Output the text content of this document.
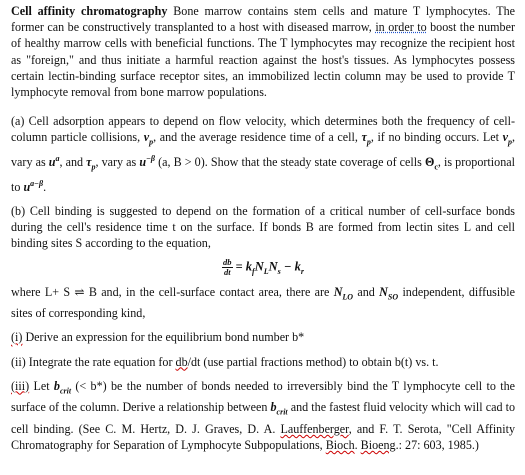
Cell affinity chromatography Bone marrow contains stem cells and mature T lymphocytes. The former can be constructively transplanted to a host with diseased marrow, in order to boost the number of healthy marrow cells with beneficial functions. The T lymphocytes may recognize the recipient host as "foreign," and thus initiate a harmful reaction against the host's tissues. As lymphocytes possess certain lectin-binding surface receptor sites, an immobilized lectin column may be used to provide T lymphocyte removal from bone marrow populations.

(a) Cell adsorption appears to depend on flow velocity, which determines both the frequency of cell-column particle collisions, $v_p$, and the average residence time of a cell, $\tau_p$, if no binding occurs. Let $v_p$, vary as $u^a$, and $\tau_p$, vary as $u^{-\beta}$ (a, B > 0). Show that the steady state coverage of cells $\Theta_c$, is proportional to $u^{a-\beta}$.

(b) Cell binding is suggested to depend on the formation of a critical number of cell-surface bonds during the cell's residence time t on the surface. If bonds B are formed from lectin sites L and cell binding sites S according to the equation,

$\frac{db}{dt} = k_fN_LN_s - k_r$

where L+ S ⇌ B and, in the cell-surface contact area, there are $N_{LO}$ and $N_{SO}$ independent, diffusible sites of corresponding kind,

(i) Derive an expression for the equilibrium bond number b*

(ii) Integrate the rate equation for db/dt (use partial fractions method) to obtain b(t) vs. t.

(iii) Let $b_{crit}$ (< b*) be the number of bonds needed to irreversibly bind the T lymphocyte cell to the surface of the column. Derive a relationship between $b_{crit}$ and the fastest fluid velocity which will cad to cell binding. (See C. M. Hertz, D. J. Graves, D. A. Lauffenberger, and F. T. Serota, "Cell Affinity Chromatography for Separation of Lymphocyte Subpopulations, Bioch. Bioeng.: 27: 603, 1985.)
